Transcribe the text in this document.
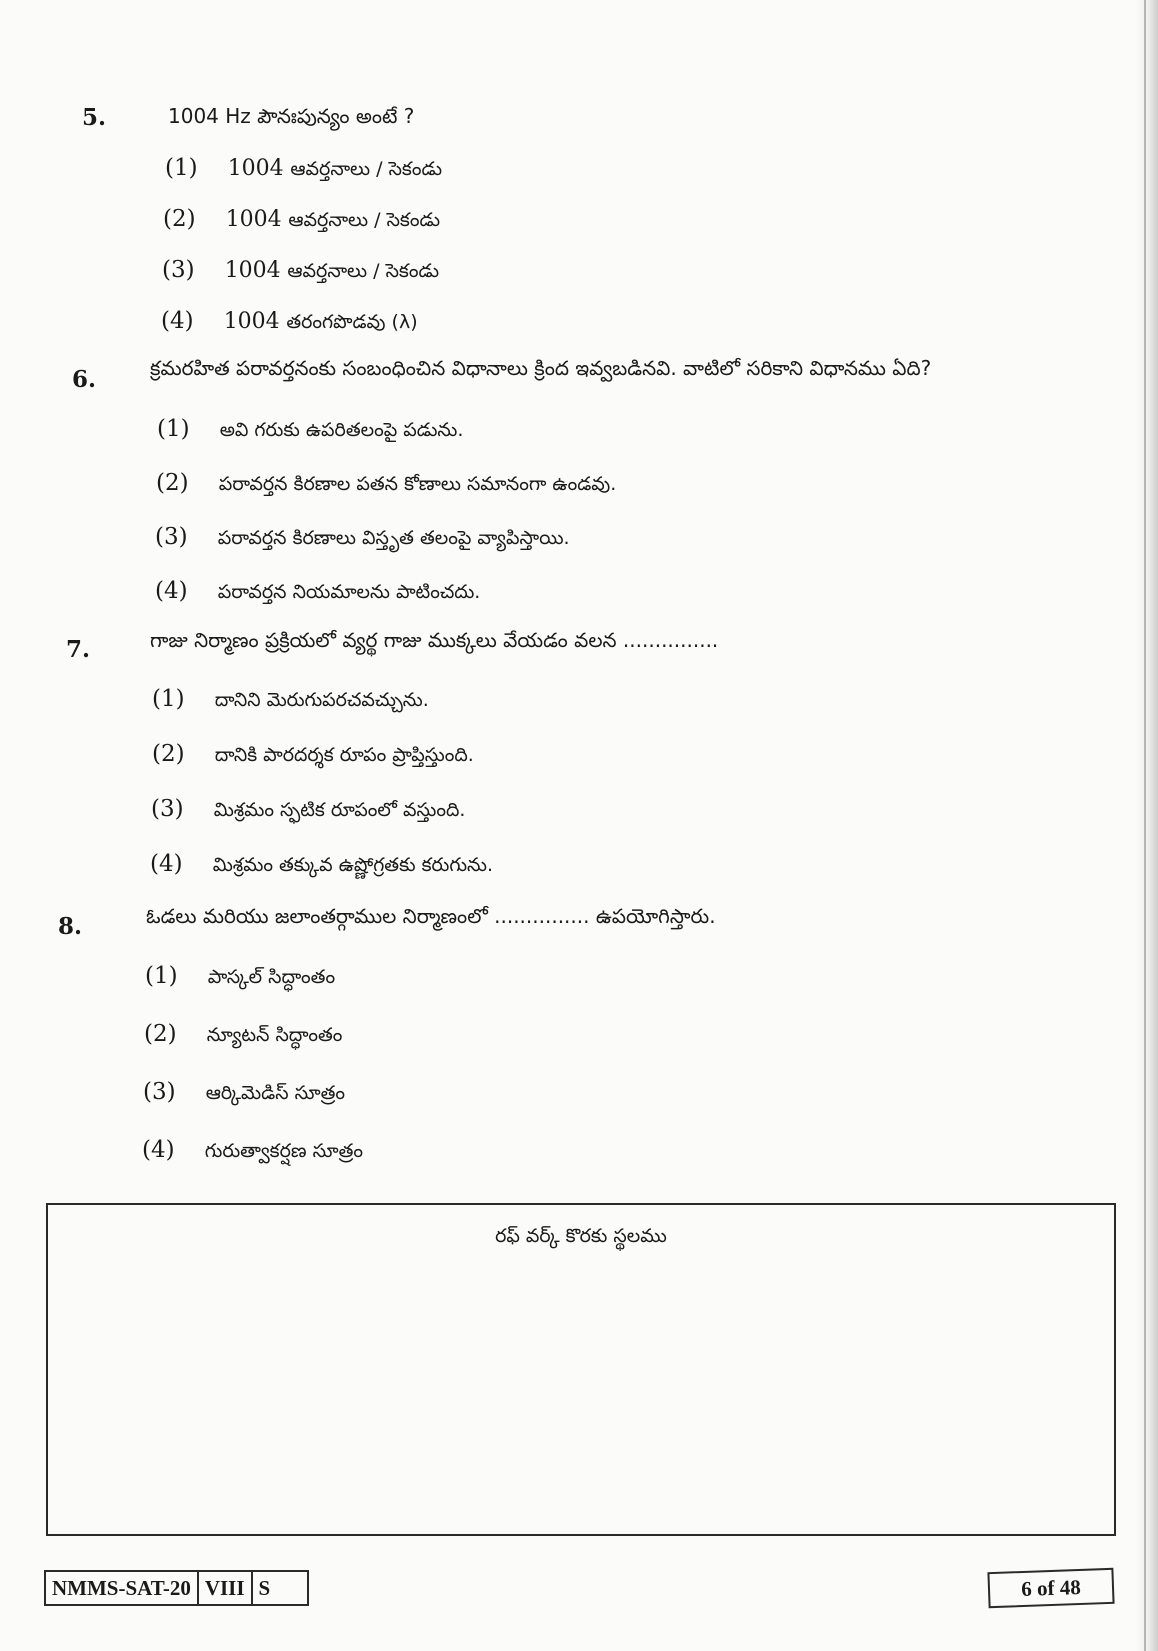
5.	1004 Hz పౌనఃపున్యం అంటే ?
(1) 1004 ఆవర్తనాలు / సెకండు
(2) 1004 ఆవర్తనాలు / సెకండు
(3) 1004 ఆవర్తనాలు / సెకండు
(4) 1004 తరంగపొడవు (λ)
6.	క్రమరహిత పరావర్తనంకు సంబంధించిన విధానాలు క్రింద ఇవ్వబడినవి. వాటిలో సరికాని విధానము ఏది?
(1) అవి గరుకు ఉపరితలంపై పడును.
(2) పరావర్తన కిరణాల పతన కోణాలు సమానంగా ఉండవు.
(3) పరావర్తన కిరణాలు విస్తృత తలంపై వ్యాపిస్తాయి.
(4) పరావర్తన నియమాలను పాటించదు.
7.	గాజు నిర్మాణం ప్రక్రియలో వ్యర్థ గాజు ముక్కలు వేయడం వలన ...............
(1) దానిని మెరుగుపరచవచ్చును.
(2) దానికి పారదర్శక రూపం ప్రాప్తిస్తుంది.
(3) మిశ్రమం స్ఫటిక రూపంలో వస్తుంది.
(4) మిశ్రమం తక్కువ ఉష్ణోగ్రతకు కరుగును.
8.	ఓడలు మరియు జలాంతర్గాముల నిర్మాణంలో ............... ఉపయోగిస్తారు.
(1) పాస్కల్ సిద్ధాంతం
(2) న్యూటన్ సిద్ధాంతం
(3) ఆర్కిమెడిస్ సూత్రం
(4) గురుత్వాకర్షణ సూత్రం
రఫ్ వర్క్ కొరకు స్థలము
NMMS-SAT-20 VIII S	6 of 48
